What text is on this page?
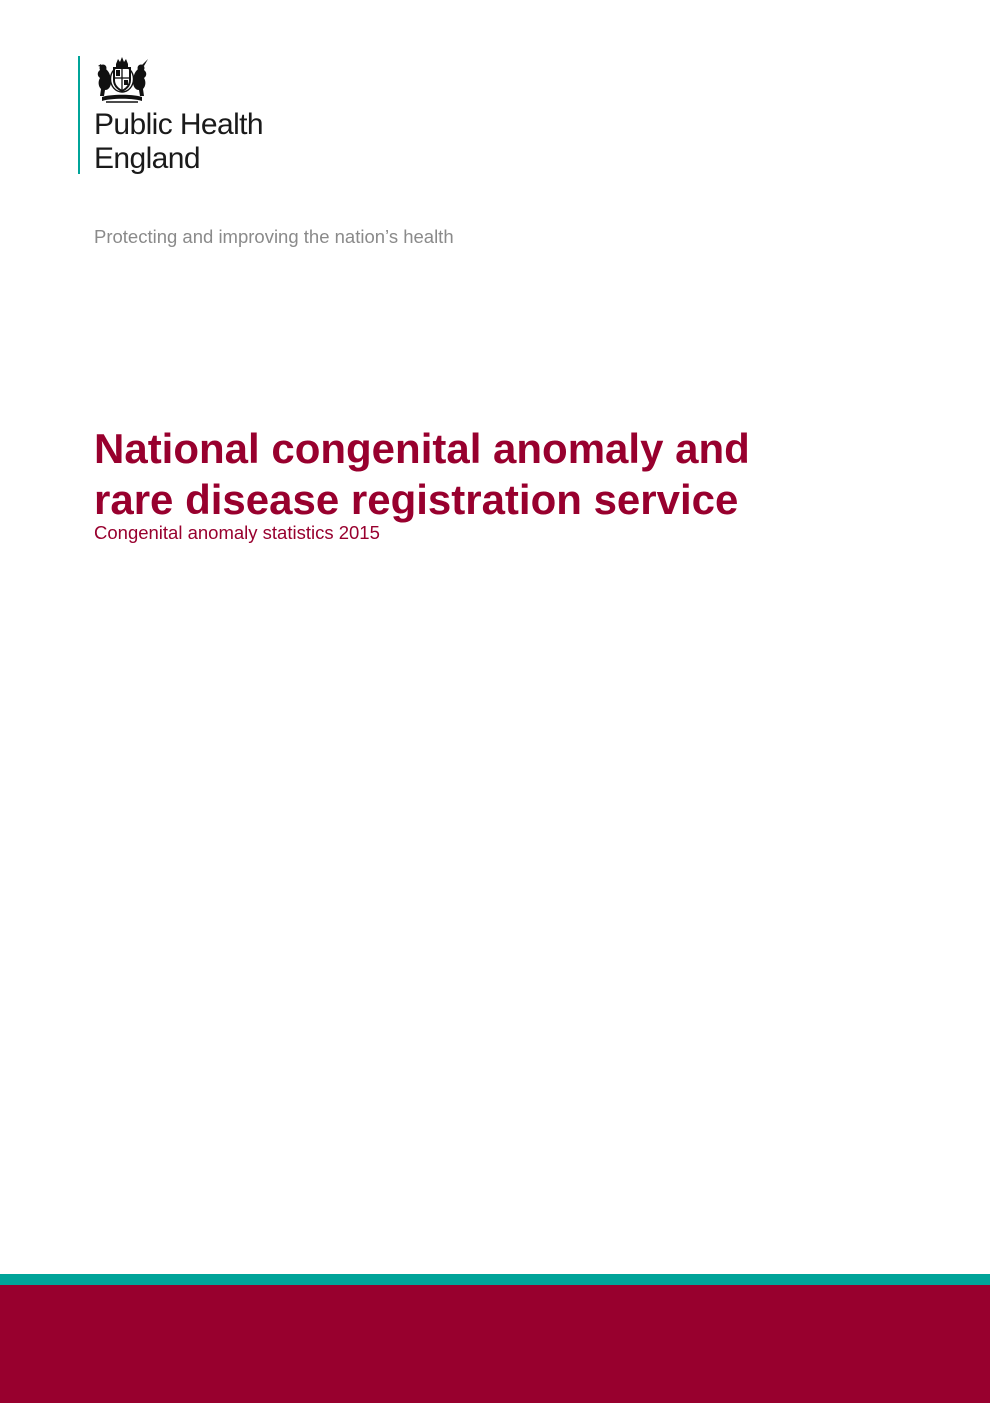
Public Health
England
Protecting and improving the nation’s health
National congenital anomaly and
rare disease registration service
Congenital anomaly statistics 2015
